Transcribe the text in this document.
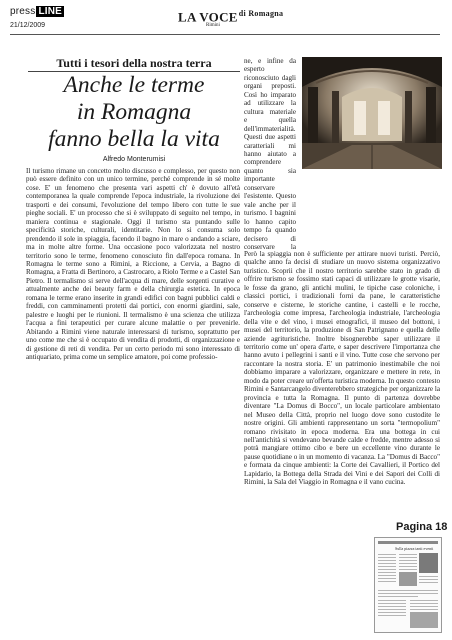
press LINE
21/12/2009
LA $VOCE^{di Romagna}$
Rimini
Tutti i tesori della nostra terra
Anche le terme
in Romagna
fanno bella la vita
Alfredo Monterumisi
Il turismo rimane un concetto molto discusso e complesso, per questo non può essere definito con un unico termine, perché comprende in sé molte cose. E' un fenomeno che presenta vari aspetti ch' è dovuto all'età contemporanea la quale comprende l'epoca industriale, la rivoluzione dei trasporti e dei consumi, l'evoluzione del tempo libero con tutte le sue pieghe sociali. E' un processo che si è sviluppato di seguito nel tempo, in maniera continua e stagionale. Oggi il turismo sta puntando sulle specificità storiche, culturali, identitarie. Non lo si consuma solo prendendo il sole in spiaggia, facendo il bagno in mare o andando a sciare, ma in molte altre forme. Una occasione poco valorizzata nel nostro territorio sono le terme, fenomeno conosciuto fin dall'epoca romana. In Romagna le terme sono a Rimini, a Riccione, a Cervia, a Bagno di Romagna, a Fratta di Bertinoro, a Castrocaro, a Riolo Terme e a Castel San Pietro. Il termalismo si serve dell'acqua di mare, delle sorgenti curative e attualmente anche dei beauty farm e della chirurgia estetica. In epoca romana le terme erano inserite in grandi edifici con bagni pubblici caldi e freddi, con camminamenti protetti dai portici, con enormi giardini, sale, palestre e luoghi per le riunioni. Il termalismo è una scienza che utilizza l'acqua a fini terapeutici per curare alcune malattie o per prevenirle. Abitando a Rimini viene naturale interessarsi di turismo, soprattutto per uno come me che si è occupato di vendita di prodotti, di organizzazione e di gestione di reti di vendita. Per un certo periodo mi sono interessato di antiquariato, prima come un semplice amatore, poi come professio-
ne, e infine da esperto riconosciuto dagli organi preposti. Così ho imparato ad utilizzare la cultura materiale e quella dell'immaterialità. Questi due aspetti caratteriali mi hanno aiutato a comprendere quanto sia importante conservare l'esistente. Questo vale anche per il turismo. I bagnini lo hanno capito tempo fa quando decisero di conservare la
Però la spiaggia non è sufficiente per attirare nuovi turisti. Perciò, qualche anno fa decisi di studiare un nuovo sistema organizzativo turistico. Scoprii che il nostro territorio sarebbe stato in grado di offrire turismo se fossimo stati capaci di utilizzare le grotte visarie, le fosse da grano, gli antichi mulini, le tipiche case coloniche, i classici portici, i tradizionali forni da pane, le caratteristiche conserve e cisterne, le storiche cantine, i castelli e le rocche, l'archeologia come impresa, l'archeologia industriale, l'archeologia della vite e del vino, i musei etnografici, il museo del bottoni, i musei del territorio, la produzione di San Patrignano e quella delle aziende agrituristiche. Inoltre bisognerebbe saper utilizzare il territorio come un' opera d'arte, e saper descrivere l'importanza che hanno avuto i pellegrini i santi e il vino. Tutte cose che servono per raccontare la nostra storia. E' un patrimonio inestimabile che noi dobbiamo imparare a valorizzare, organizzare e mettere in rete, in modo da poter creare un'offerta turistica moderna. In questo contesto Rimini e Santarcangelo diventerebbero strategiche per organizzare la provincia e tutta la Romagna. Il punto di partenza dovrebbe diventare "La Domus di Bocco", un locale particolare ambientato nel Museo della Città, proprio nel luogo dove sono custodite le nostre origini. Gli ambienti rappresentano un sorta "termopolium" romano rivisitato in epoca moderna. Era una bottega in cui nell'antichità si vendevano bevande calde e fredde, mentre adesso si potrà mangiare ottimo cibo e bere un eccellente vino durante le pause quotidiane o in un momento di vacanza. La "Domus di Bacco" e formata da cinque ambienti: la Corte dei Cavallieri, il Portico del Lapidario, la Bottega della Strada dei Vini e dei Sapori dei Colli di Rimini, la Sala del Viaggio in Romagna e il vano cucina.
Pagina 18
Sulla piazza tanti eventi
